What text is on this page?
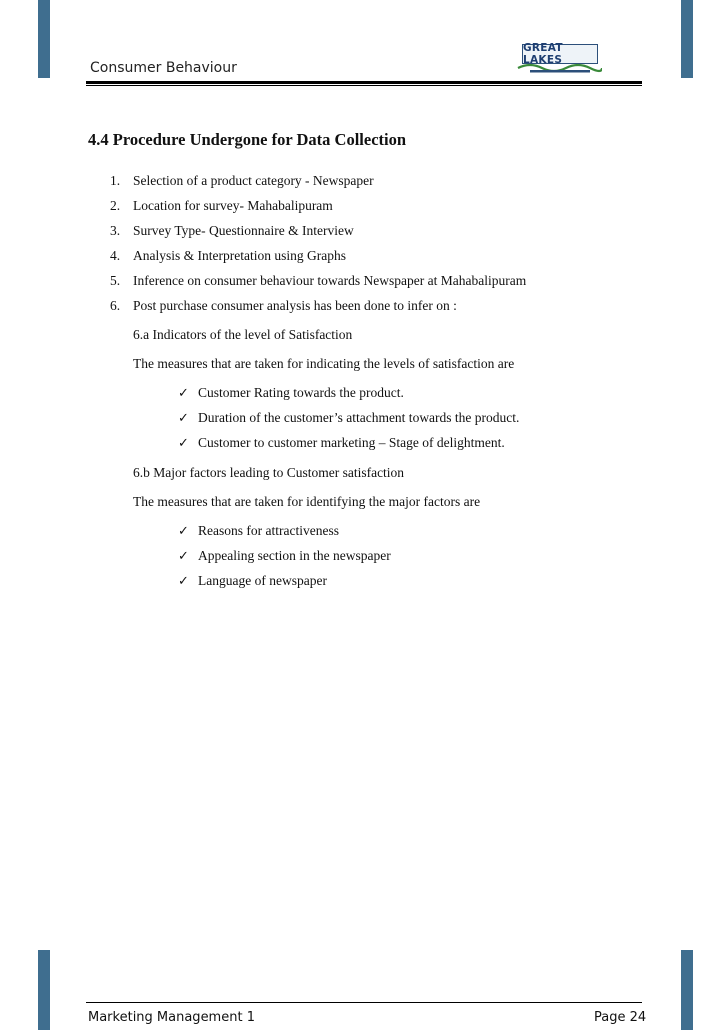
Consumer Behaviour
GREAT LAKES
4.4 Procedure Undergone for Data Collection
1. Selection of a product category - Newspaper
2. Location for survey- Mahabalipuram
3. Survey Type- Questionnaire & Interview
4. Analysis & Interpretation using Graphs
5. Inference on consumer behaviour towards Newspaper at Mahabalipuram
6. Post purchase consumer analysis has been done to infer on :
6.a Indicators of the level of Satisfaction
The measures that are taken for indicating the levels of satisfaction are
✓ Customer Rating towards the product.
✓ Duration of the customer’s attachment towards the product.
✓ Customer to customer marketing – Stage of delightment.
6.b Major factors leading to Customer satisfaction
The measures that are taken for identifying the major factors are
✓ Reasons for attractiveness
✓ Appealing section in the newspaper
✓ Language of newspaper
Marketing Management 1	Page 24
